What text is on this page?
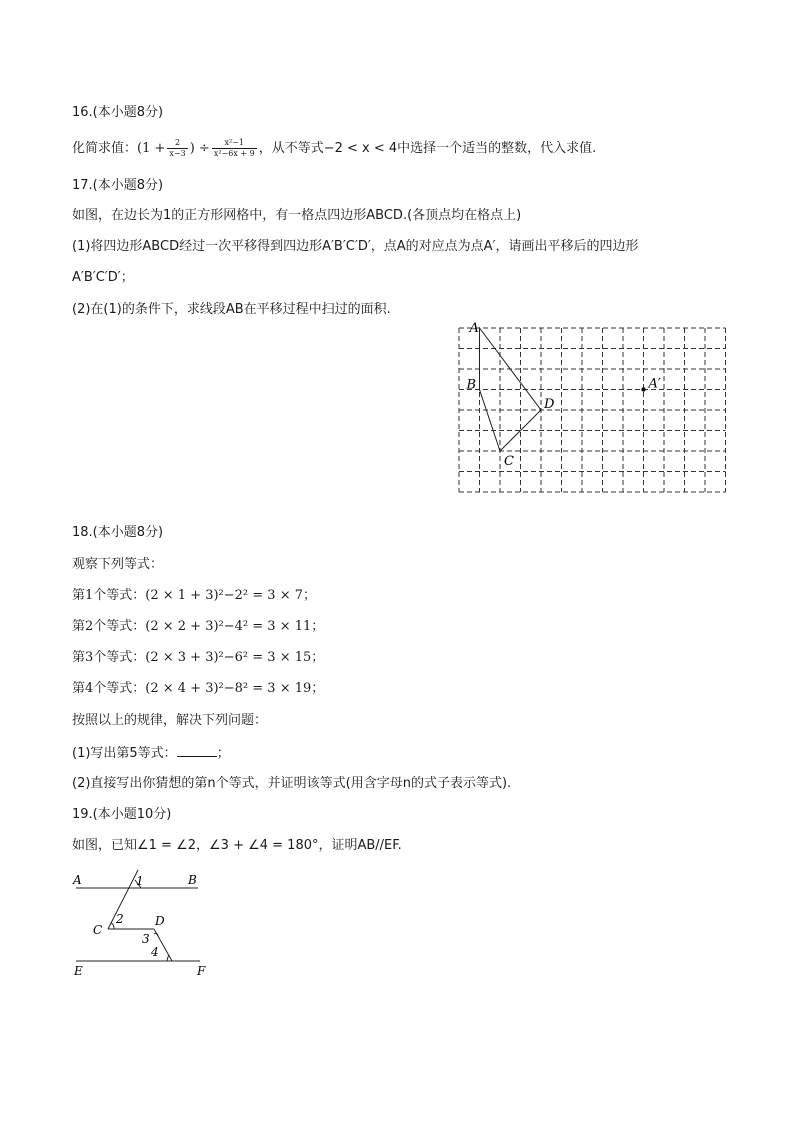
16.(本小题8分)
化简求值：($1 + \frac{2}{x-3}$ ) ÷ $\frac{\text{x²−1}}{\text{x²−6x + 9}}$ ，从不等式−2 < x < 4中选择一个适当的整数，代入求值.
17.(本小题8分)
如图，在边长为1的正方形网格中，有一格点四边形ABCD.(各顶点均在格点上)
(1)将四边形ABCD经过一次平移得到四边形A′B′C′D′，点A的对应点为点A′，请画出平移后的四边形
A′B′C′D′；
(2)在(1)的条件下，求线段AB在平移过程中扫过的面积.
A
B
C
D
A′
18.(本小题8分)
观察下列等式：
第1个等式：(2 × 1 + 3)²−2² = 3 × 7；
第2个等式：(2 × 2 + 3)²−4² = 3 × 11；
第3个等式：(2 × 3 + 3)²−6² = 3 × 15；
第4个等式：(2 × 4 + 3)²−8² = 3 × 19；
按照以上的规律，解决下列问题：
(1)写出第5等式：	；
(2)直接写出你猜想的第n个等式，并证明该等式(用含字母n的式子表示等式).
19.(本小题10分)
如图，已知∠1 = ∠2，∠3 + ∠4 = 180°，证明AB//EF.
A	B
C
D
E	F
1
2
3
4
